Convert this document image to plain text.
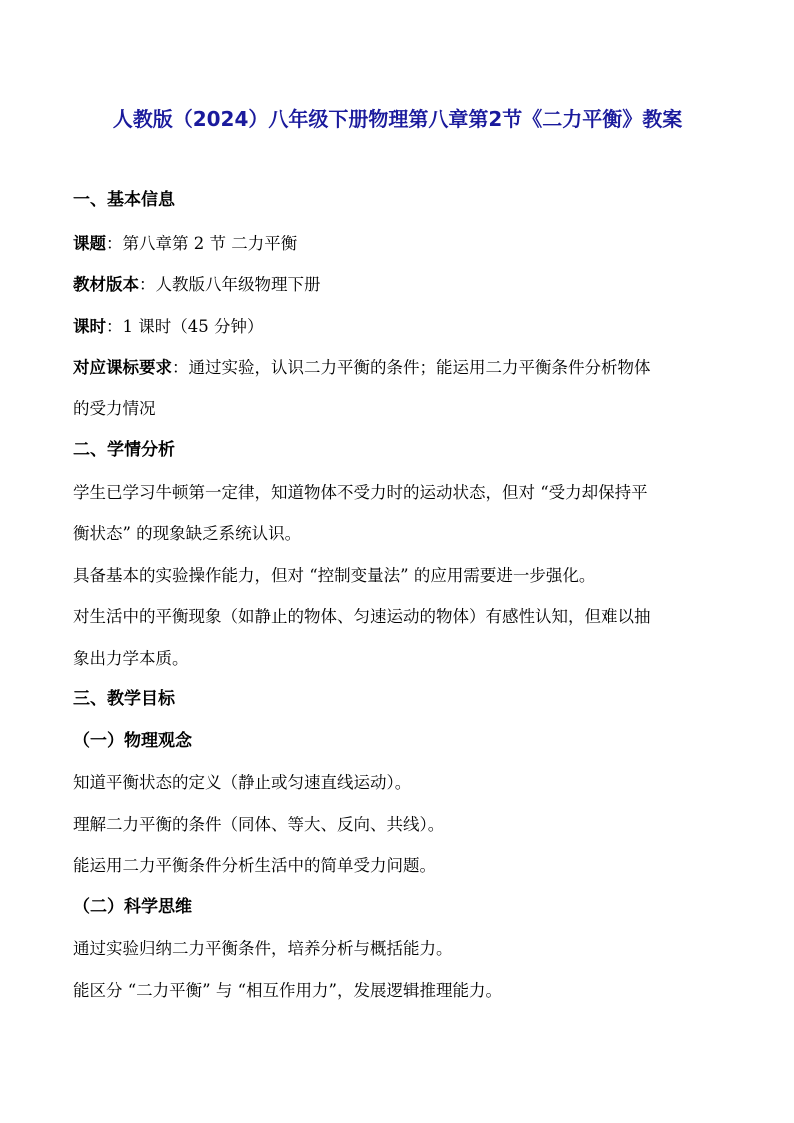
人教版（2024）八年级下册物理第八章第2节《二力平衡》教案
一、基本信息
课题：第八章第 2 节 二力平衡
教材版本：人教版八年级物理下册
课时：1 课时（45 分钟）
对应课标要求：通过实验，认识二力平衡的条件；能运用二力平衡条件分析物体
的受力情况
二、学情分析
学生已学习牛顿第一定律，知道物体不受力时的运动状态，但对 “受力却保持平
衡状态” 的现象缺乏系统认识。
具备基本的实验操作能力，但对 “控制变量法” 的应用需要进一步强化。
对生活中的平衡现象（如静止的物体、匀速运动的物体）有感性认知，但难以抽
象出力学本质。
三、教学目标
（一）物理观念
知道平衡状态的定义（静止或匀速直线运动）。
理解二力平衡的条件（同体、等大、反向、共线）。
能运用二力平衡条件分析生活中的简单受力问题。
（二）科学思维
通过实验归纳二力平衡条件，培养分析与概括能力。
能区分 “二力平衡” 与 “相互作用力”，发展逻辑推理能力。
